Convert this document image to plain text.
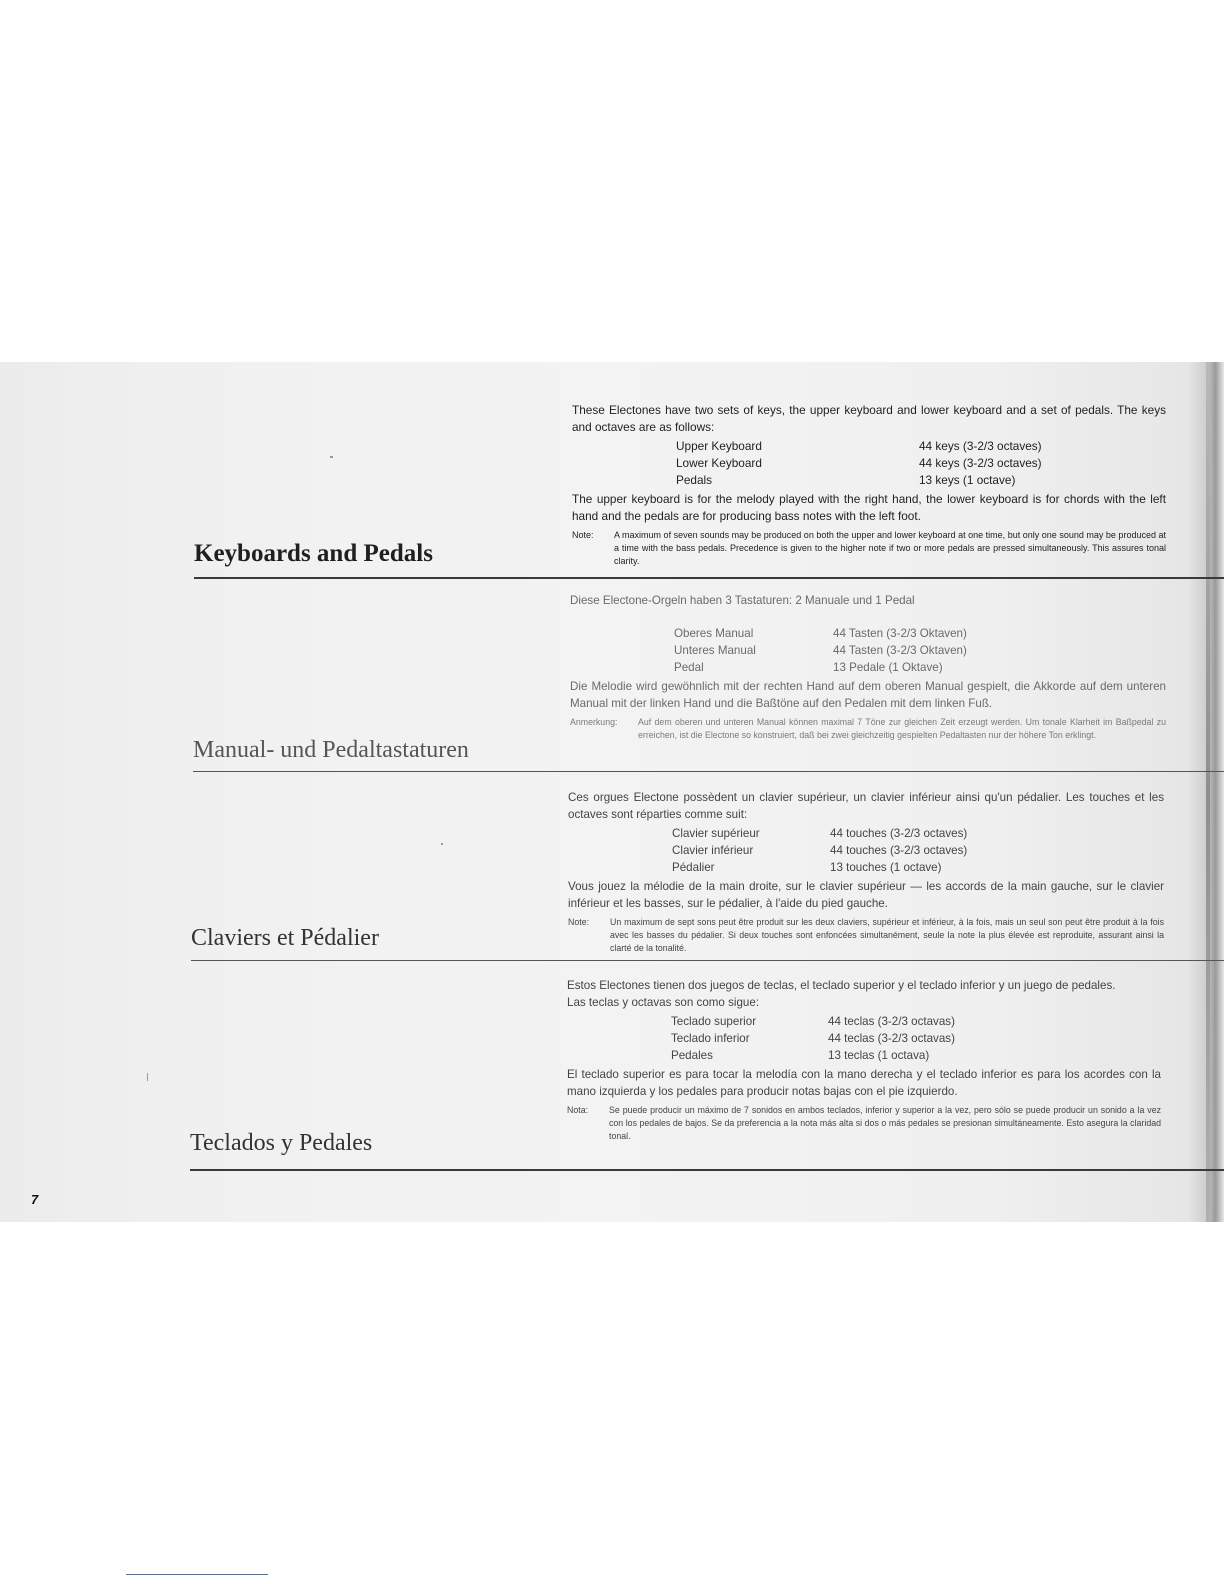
Keyboards and Pedals

These Electones have two sets of keys, the upper keyboard and lower keyboard and a set of pedals. The keys and octaves are as follows:

Upper Keyboard	44 keys (3-2/3 octaves)
Lower Keyboard	44 keys (3-2/3 octaves)
Pedals	13 keys (1 octave)

The upper keyboard is for the melody played with the right hand, the lower keyboard is for chords with the left hand and the pedals are for producing bass notes with the left foot.

Note: A maximum of seven sounds may be produced on both the upper and lower keyboard at one time, but only one sound may be produced at a time with the bass pedals. Precedence is given to the higher note if two or more pedals are pressed simultaneously. This assures tonal clarity.
Manual- und Pedaltastaturen

Diese Electone-Orgeln haben 3 Tastaturen: 2 Manuale und 1 Pedal

Oberes Manual	44 Tasten (3-2/3 Oktaven)
Unteres Manual	44 Tasten (3-2/3 Oktaven)
Pedal	13 Pedale (1 Oktave)

Die Melodie wird gewöhnlich mit der rechten Hand auf dem oberen Manual gespielt, die Akkorde auf dem unteren Manual mit der linken Hand und die Baßtöne auf den Pedalen mit dem linken Fuß.

Anmerkung: Auf dem oberen und unteren Manual können maximal 7 Töne zur gleichen Zeit erzeugt werden. Um tonale Klarheit im Baßpedal zu erreichen, ist die Electone so konstruiert, daß bei zwei gleichzeitig gespielten Pedaltasten nur der höhere Ton erklingt.
Claviers et Pédalier

Ces orgues Electone possèdent un clavier supérieur, un clavier inférieur ainsi qu'un pédalier. Les touches et les octaves sont réparties comme suit:

Clavier supérieur	44 touches (3-2/3 octaves)
Clavier inférieur	44 touches (3-2/3 octaves)
Pédalier	13 touches (1 octave)

Vous jouez la mélodie de la main droite, sur le clavier supérieur — les accords de la main gauche, sur le clavier inférieur et les basses, sur le pédalier, à l'aide du pied gauche.

Note: Un maximum de sept sons peut être produit sur les deux claviers, supérieur et inférieur, à la fois, mais un seul son peut être produit à la fois avec les basses du pédalier. Si deux touches sont enfoncées simultanément, seule la note la plus élevée est reproduite, assurant ainsi la clarté de la tonalité.
Teclados y Pedales

Estos Electones tienen dos juegos de teclas, el teclado superior y el teclado inferior y un juego de pedales.

Las teclas y octavas son como sigue:

Teclado superior	44 teclas (3-2/3 octavas)
Teclado inferior	44 teclas (3-2/3 octavas)
Pedales	13 teclas (1 octava)

El teclado superior es para tocar la melodía con la mano derecha y el teclado inferior es para los acordes con la mano izquierda y los pedales para producir notas bajas con el pie izquierdo.

Nota: Se puede producir un máximo de 7 sonidos en ambos teclados, inferior y superior a la vez, pero sólo se puede producir un sonido a la vez con los pedales de bajos. Se da preferencia a la nota más alta si dos o más pedales se presionan simultáneamente. Esto asegura la claridad tonal.
7
